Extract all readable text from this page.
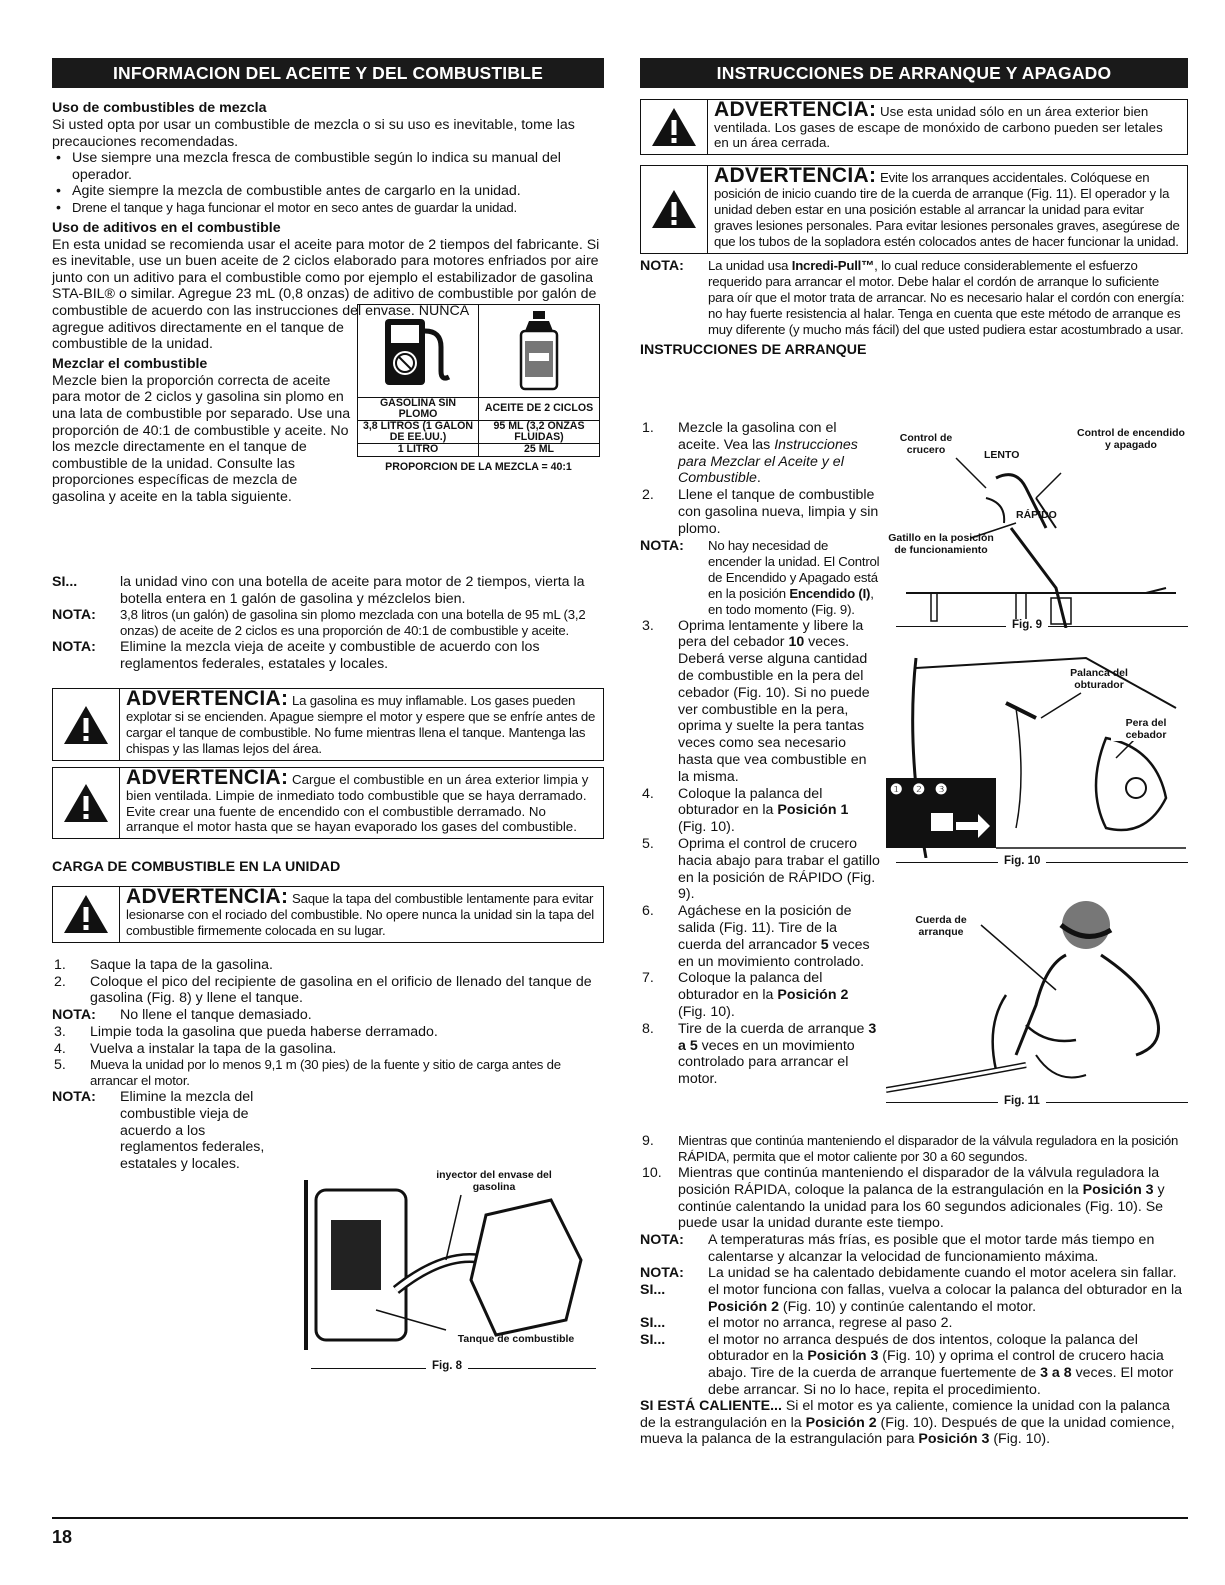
INFORMACION DEL ACEITE Y DEL COMBUSTIBLE	INSTRUCCIONES DE ARRANQUE Y APAGADO

Uso de combustibles de mezcla

Si usted opta por usar un combustible de mezcla o si su uso es inevitable, tome las precauciones recomendadas.

• Use siempre una mezcla fresca de combustible según lo indica su manual del operador.
• Agite siempre la mezcla de combustible antes de cargarlo en la unidad.
• Drene el tanque y haga funcionar el motor en seco antes de guardar la unidad.

Uso de aditivos en el combustible

En esta unidad se recomienda usar el aceite para motor de 2 tiempos del fabricante. Si es inevitable, use un buen aceite de 2 ciclos elaborado para motores enfriados por aire junto con un aditivo para el combustible como por ejemplo el estabilizador de gasolina STA-BIL® o similar. Agregue 23 mL (0,8 onzas) de aditivo de combustible por galón de combustible de acuerdo con las instrucciones del envase. NUNCA

agregue aditivos directamente en el tanque de combustible de la unidad.

Mezclar el combustible

Mezcle bien la proporción correcta de aceite para motor de 2 ciclos y gasolina sin plomo en una lata de combustible por separado. Use una proporción de 40:1 de combustible y aceite. No los mezcle directamente en el tanque de combustible de la unidad. Consulte las proporciones específicas de mezcla de gasolina y aceite en la tabla siguiente.

GASOLINA SIN PLOMO	ACEITE DE 2 CICLOS
3,8 LITROS (1 GALON DE EE.UU.)	95 ML (3,2 ONZAS FLUIDAS)
1 LITRO	25 ML
PROPORCION DE LA MEZCLA = 40:1
SI...	la unidad vino con una botella de aceite para motor de 2 tiempos, vierta la botella entera en 1 galón de gasolina y mézclelos bien.
NOTA:	3,8 litros (un galón) de gasolina sin plomo mezclada con una botella de 95 mL (3,2 onzas) de aceite de 2 ciclos es una proporción de 40:1 de combustible y aceite.
NOTA:	Elimine la mezcla vieja de aceite y combustible de acuerdo con los reglamentos federales, estatales y locales.
ADVERTENCIA: La gasolina es muy inflamable. Los gases pueden explotar si se encienden. Apague siempre el motor y espere que se enfríe antes de cargar el tanque de combustible. No fume mientras llena el tanque. Mantenga las chispas y las llamas lejos del área.
ADVERTENCIA: Cargue el combustible en un área exterior limpia y bien ventilada. Limpie de inmediato todo combustible que se haya derramado. Evite crear una fuente de encendido con el combustible derramado. No arranque el motor hasta que se hayan evaporado los gases del combustible.

CARGA DE COMBUSTIBLE EN LA UNIDAD

ADVERTENCIA: Saque la tapa del combustible lentamente para evitar lesionarse con el rociado del combustible. No opere nunca la unidad sin la tapa del combustible firmemente colocada en su lugar.
1.	Saque la tapa de la gasolina.
2.	Coloque el pico del recipiente de gasolina en el orificio de llenado del tanque de gasolina (Fig. 8) y llene el tanque.
NOTA:	No llene el tanque demasiado.
3.	Limpie toda la gasolina que pueda haberse derramado.
4.	Vuelva a instalar la tapa de la gasolina.
5.	Mueva la unidad por lo menos 9,1 m (30 pies) de la fuente y sitio de carga antes de arrancar el motor.
NOTA:	Elimine la mezcla del combustible vieja de acuerdo a los reglamentos federales, estatales y locales.
inyector del envase del gasolina
Tanque de combustible
Fig. 8
ADVERTENCIA: Use esta unidad sólo en un área exterior bien ventilada. Los gases de escape de monóxido de carbono pueden ser letales en un área cerrada.
ADVERTENCIA: Evite los arranques accidentales. Colóquese en posición de inicio cuando tire de la cuerda de arranque (Fig. 11). El operador y la unidad deben estar en una posición estable al arrancar la unidad para evitar graves lesiones personales. Para evitar lesiones personales graves, asegúrese de que los tubos de la sopladora estén colocados antes de hacer funcionar la unidad.
NOTA:	La unidad usa Incredi-Pull™, lo cual reduce considerablemente el esfuerzo requerido para arrancar el motor. Debe halar el cordón de arranque lo suficiente para oír que el motor trata de arrancar. No es necesario halar el cordón con energía: no hay fuerte resistencia al halar. Tenga en cuenta que este método de arranque es muy diferente (y mucho más fácil) del que usted pudiera estar acostumbrado a usar.

INSTRUCCIONES DE ARRANQUE

1.	Mezcle la gasolina con el aceite. Vea las Instrucciones para Mezclar el Aceite y el Combustible.
2.	Llene el tanque de combustible con gasolina nueva, limpia y sin plomo.
NOTA:	No hay necesidad de encender la unidad. El Control de Encendido y Apagado está en la posición Encendido (I), en todo momento (Fig. 9).
3.	Oprima lentamente y libere la pera del cebador 10 veces. Deberá verse alguna cantidad de combustible en la pera del cebador (Fig. 10). Si no puede ver combustible en la pera, oprima y suelte la pera tantas veces como sea necesario hasta que vea combustible en la misma.
4.	Coloque la palanca del obturador en la Posición 1 (Fig. 10).
5.	Oprima el control de crucero hacia abajo para trabar el gatillo en la posición de RÁPIDO (Fig. 9).
6.	Agáchese en la posición de salida (Fig. 11). Tire de la cuerda del arrancador 5 veces en un movimiento controlado.
7.	Coloque la palanca del obturador en la Posición 2 (Fig. 10).
8.	Tire de la cuerda de arranque 3 a 5 veces en un movimiento controlado para arrancar el motor.
9.	Mientras que continúa manteniendo el disparador de la válvula reguladora en la posición RÁPIDA, permita que el motor caliente por 30 a 60 segundos.
10.	Mientras que continúa manteniendo el disparador de la válvula reguladora la posición RÁPIDA, coloque la palanca de la estrangulación en la Posición 3 y continúe calentando la unidad para los 60 segundos adicionales (Fig. 10). Se puede usar la unidad durante este tiempo.
NOTA:	A temperaturas más frías, es posible que el motor tarde más tiempo en calentarse y alcanzar la velocidad de funcionamiento máxima.
NOTA:	La unidad se ha calentado debidamente cuando el motor acelera sin fallar.
SI...	el motor funciona con fallas, vuelva a colocar la palanca del obturador en la Posición 2 (Fig. 10) y continúe calentando el motor.
SI...	el motor no arranca, regrese al paso 2.
SI...	el motor no arranca después de dos intentos, coloque la palanca del obturador en la Posición 3 (Fig. 10) y oprima el control de crucero hacia abajo. Tire de la cuerda de arranque fuertemente de 3 a 8 veces. El motor debe arrancar. Si no lo hace, repita el procedimiento.
SI ESTÁ CALIENTE... Si el motor es ya caliente, comience la unidad con la palanca de la estrangulación en la Posición 2 (Fig. 10). Después de que la unidad comience, mueva la palanca de la estrangulación para Posición 3 (Fig. 10).
Control de crucero	LENTO
Control de encendido y apagado
RÁPIDO
Gatillo en la posición de funcionamiento
Fig. 9
❶ ❷ ❸
Palanca del obturador
Pera del cebador
Fig. 10
Cuerda de arranque
Fig. 11
18
